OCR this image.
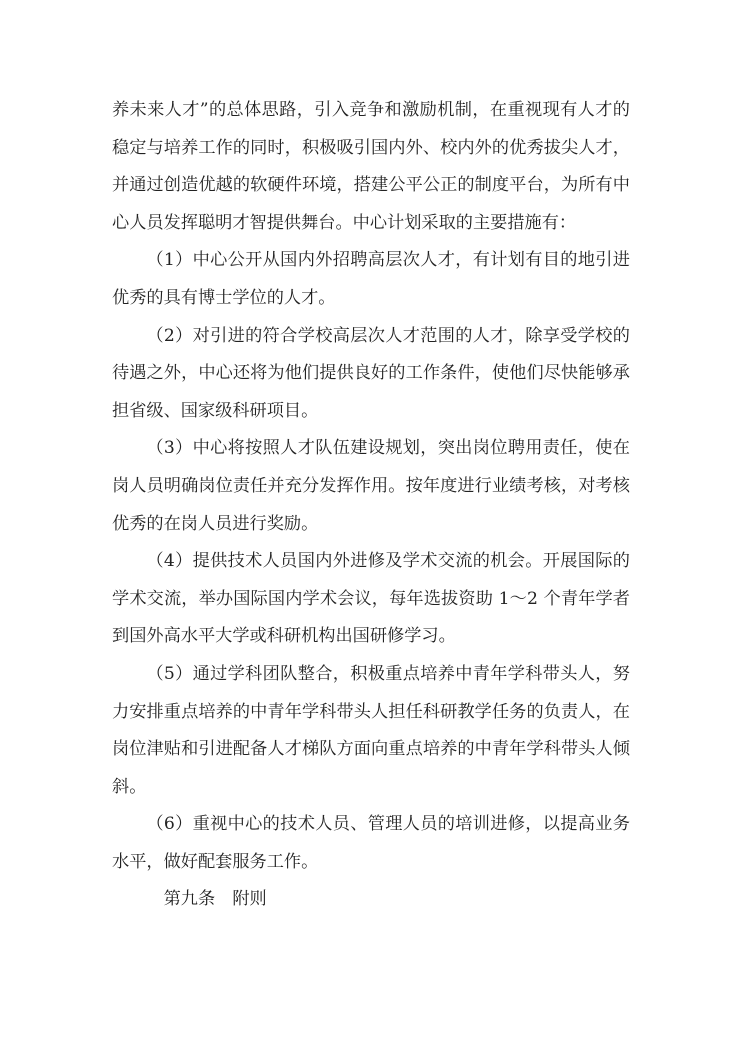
养未来人才”的总体思路，引入竞争和激励机制，在重视现有人才的稳定与培养工作的同时，积极吸引国内外、校内外的优秀拔尖人才，并通过创造优越的软硬件环境，搭建公平公正的制度平台，为所有中心人员发挥聪明才智提供舞台。中心计划采取的主要措施有：

（1）中心公开从国内外招聘高层次人才，有计划有目的地引进优秀的具有博士学位的人才。

（2）对引进的符合学校高层次人才范围的人才，除享受学校的待遇之外，中心还将为他们提供良好的工作条件，使他们尽快能够承担省级、国家级科研项目。

（3）中心将按照人才队伍建设规划，突出岗位聘用责任，使在岗人员明确岗位责任并充分发挥作用。按年度进行业绩考核，对考核优秀的在岗人员进行奖励。

（4）提供技术人员国内外进修及学术交流的机会。开展国际的学术交流，举办国际国内学术会议，每年选拔资助 1～2 个青年学者到国外高水平大学或科研机构出国研修学习。

（5）通过学科团队整合，积极重点培养中青年学科带头人，努力安排重点培养的中青年学科带头人担任科研教学任务的负责人，在岗位津贴和引进配备人才梯队方面向重点培养的中青年学科带头人倾斜。

（6）重视中心的技术人员、管理人员的培训进修，以提高业务水平，做好配套服务工作。

第九条　附则
